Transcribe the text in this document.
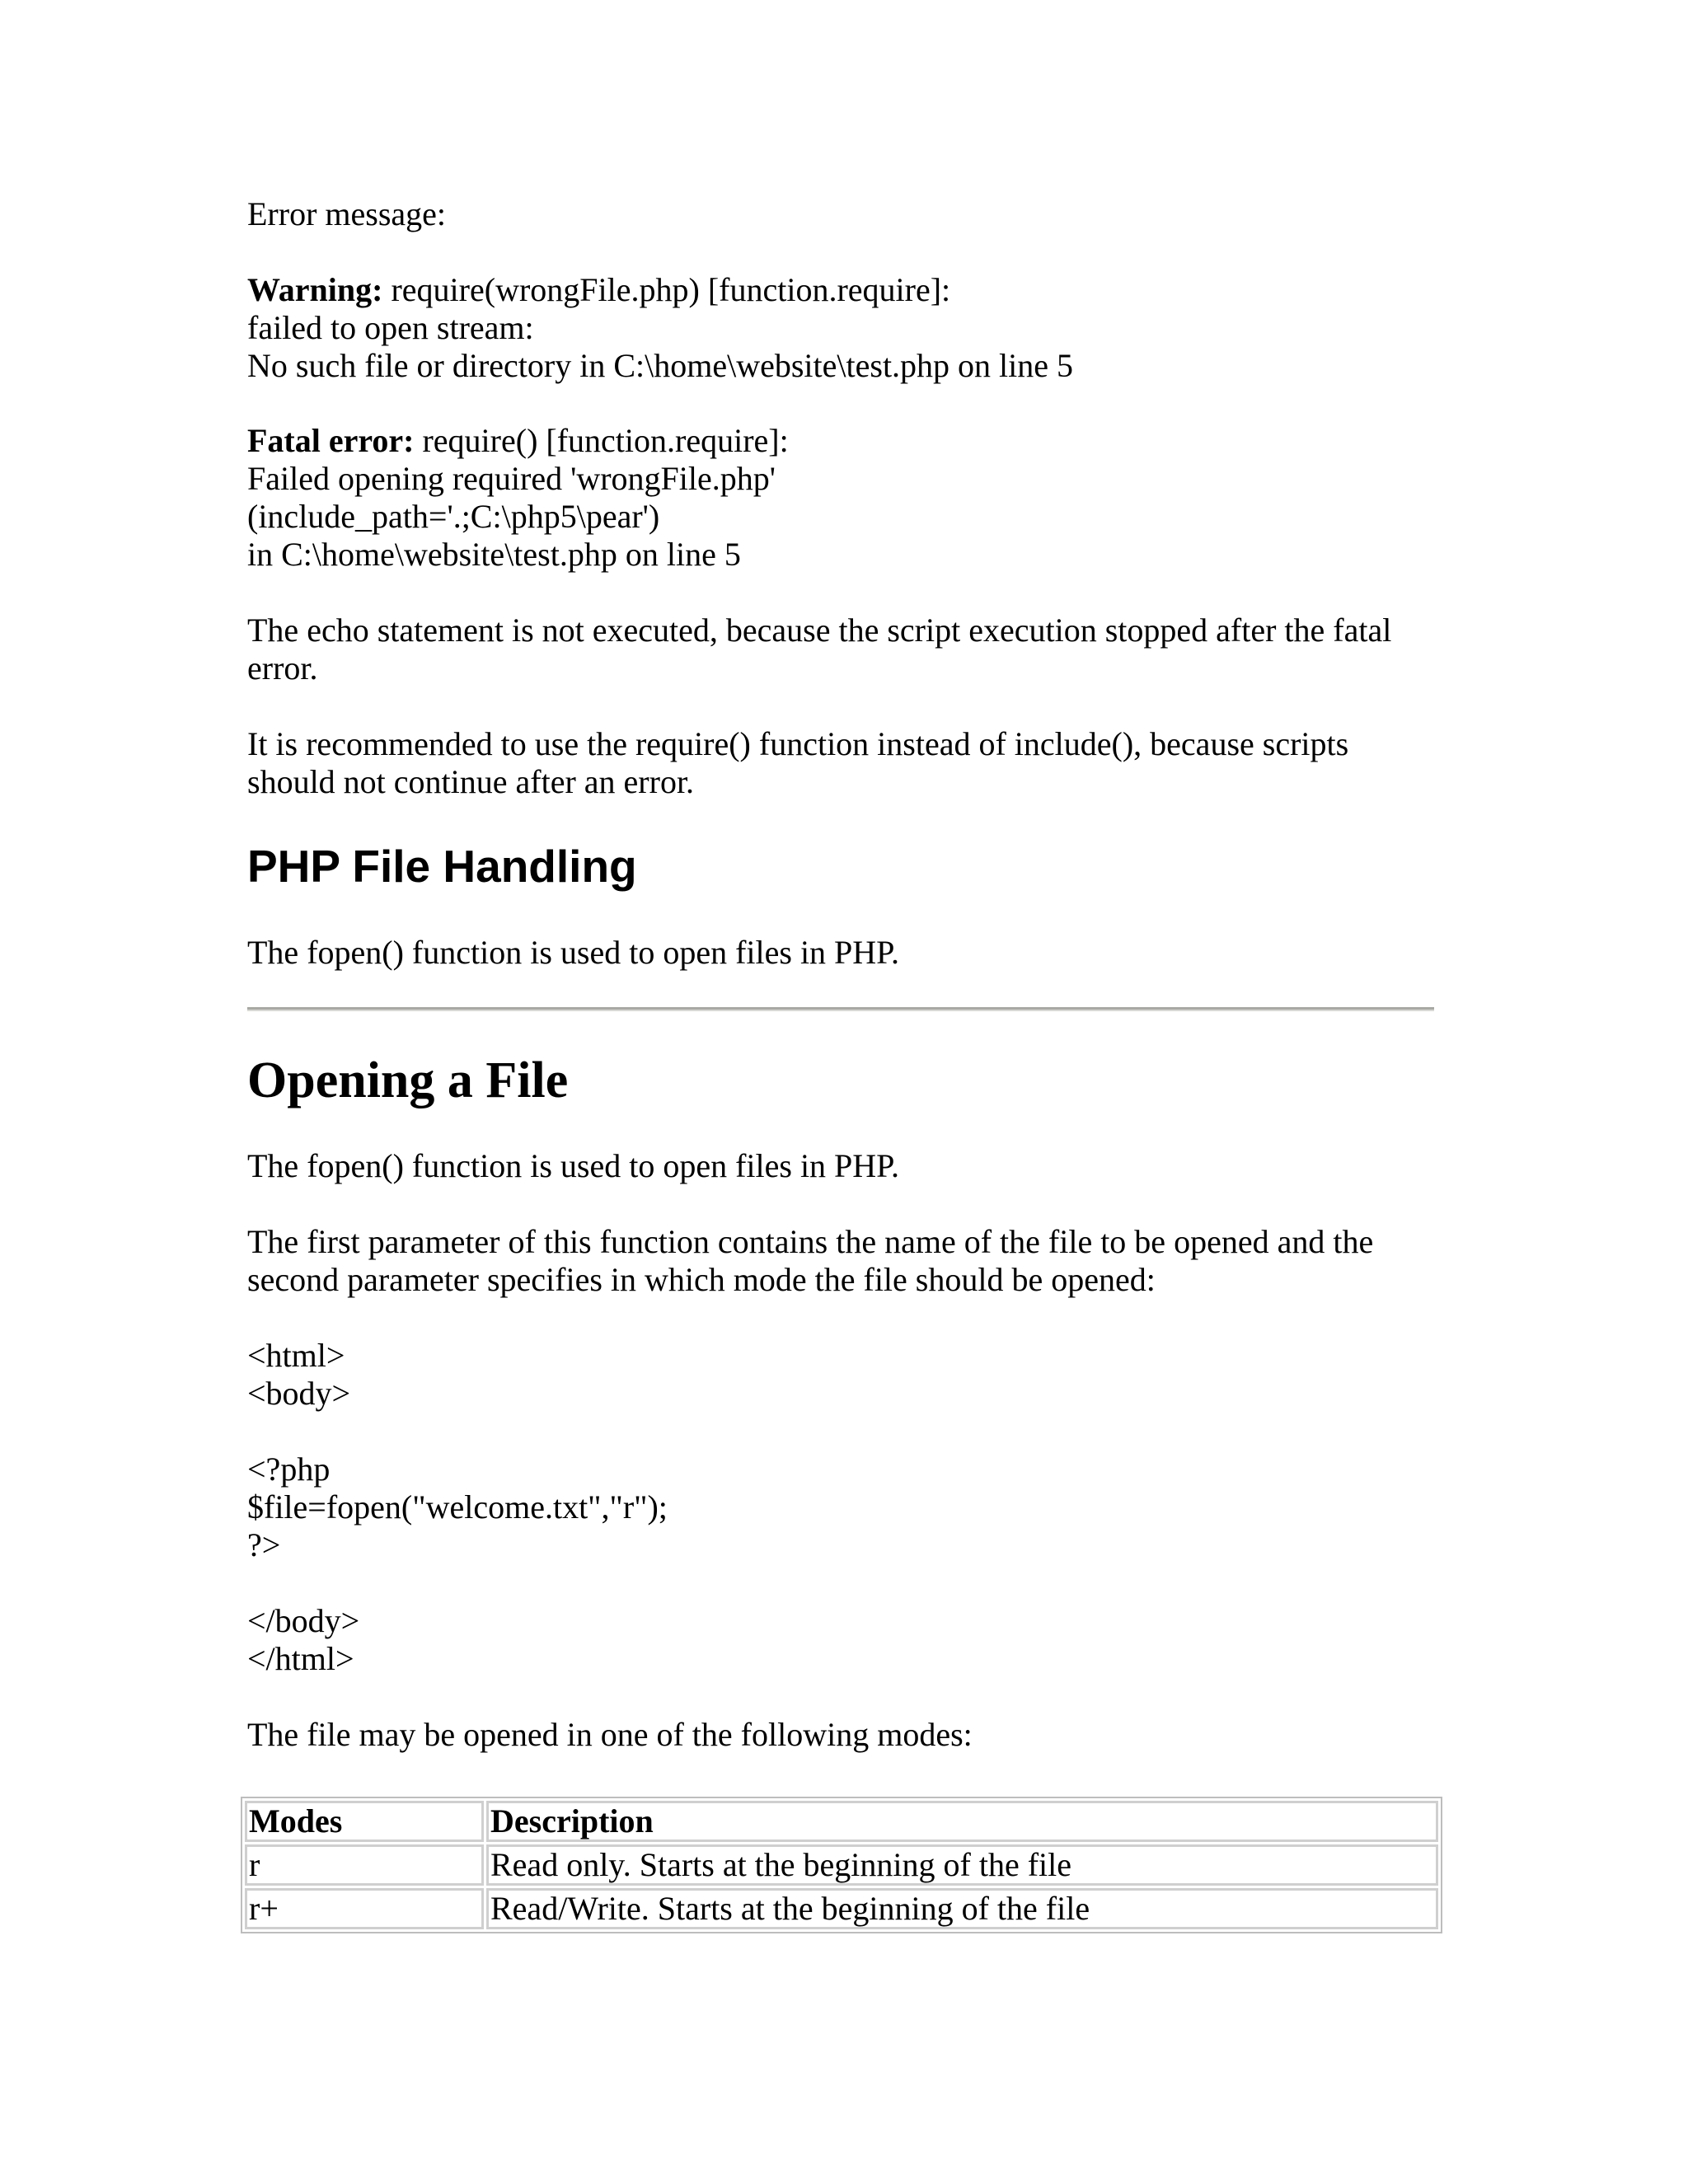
Error message:
Warning: require(wrongFile.php) [function.require]:
failed to open stream:
No such file or directory in C:\home\website\test.php on line 5
Fatal error: require() [function.require]:
Failed opening required 'wrongFile.php'
(include_path='.;C:\php5\pear')
in C:\home\website\test.php on line 5
The echo statement is not executed, because the script execution stopped after the fatal error.
It is recommended to use the require() function instead of include(), because scripts should not continue after an error.
PHP File Handling
The fopen() function is used to open files in PHP.
Opening a File
The fopen() function is used to open files in PHP.
The first parameter of this function contains the name of the file to be opened and the second parameter specifies in which mode the file should be opened:
<html>
<body>
<?php
$file=fopen("welcome.txt","r");
?>
</body>
</html>
The file may be opened in one of the following modes:
Modes	Description
r	Read only. Starts at the beginning of the file
r+	Read/Write. Starts at the beginning of the file
